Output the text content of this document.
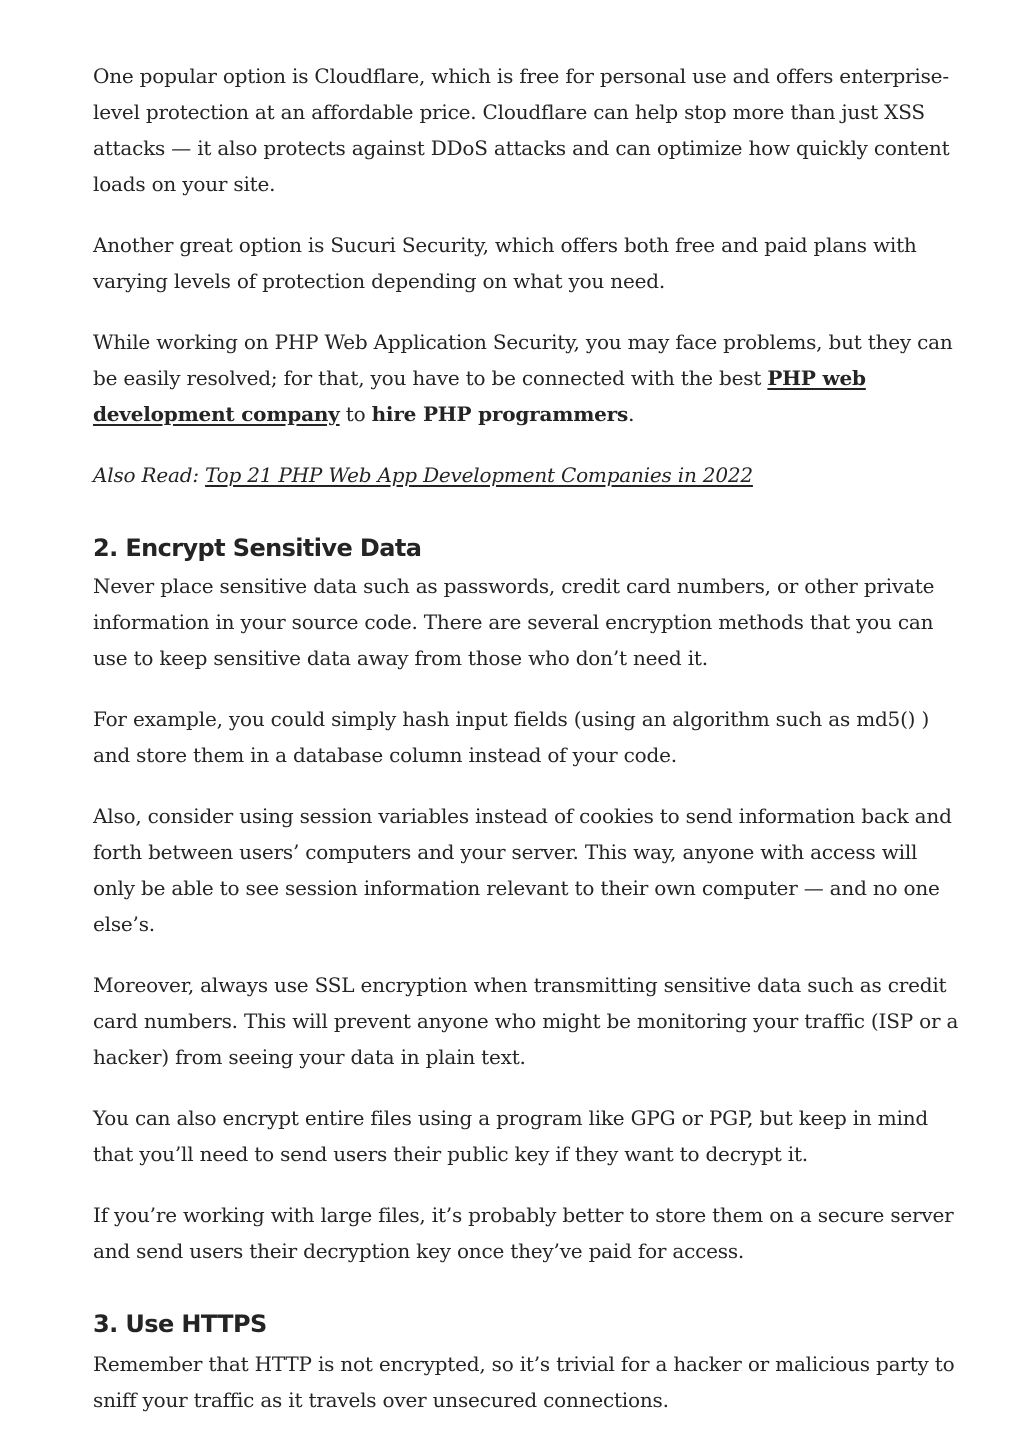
One popular option is Cloudflare, which is free for personal use and offers enterprise-level protection at an affordable price. Cloudflare can help stop more than just XSS attacks — it also protects against DDoS attacks and can optimize how quickly content loads on your site.

Another great option is Sucuri Security, which offers both free and paid plans with varying levels of protection depending on what you need.

While working on PHP Web Application Security, you may face problems, but they can be easily resolved; for that, you have to be connected with the best PHP web development company to hire PHP programmers.

Also Read: Top 21 PHP Web App Development Companies in 2022

2. Encrypt Sensitive Data

Never place sensitive data such as passwords, credit card numbers, or other private information in your source code. There are several encryption methods that you can use to keep sensitive data away from those who don’t need it.

For example, you could simply hash input fields (using an algorithm such as md5() ) and store them in a database column instead of your code.

Also, consider using session variables instead of cookies to send information back and forth between users’ computers and your server. This way, anyone with access will only be able to see session information relevant to their own computer — and no one else’s.

Moreover, always use SSL encryption when transmitting sensitive data such as credit card numbers. This will prevent anyone who might be monitoring your traffic (ISP or a hacker) from seeing your data in plain text.

You can also encrypt entire files using a program like GPG or PGP, but keep in mind that you’ll need to send users their public key if they want to decrypt it.

If you’re working with large files, it’s probably better to store them on a secure server and send users their decryption key once they’ve paid for access.

3. Use HTTPS

Remember that HTTP is not encrypted, so it’s trivial for a hacker or malicious party to sniff your traffic as it travels over unsecured connections.
